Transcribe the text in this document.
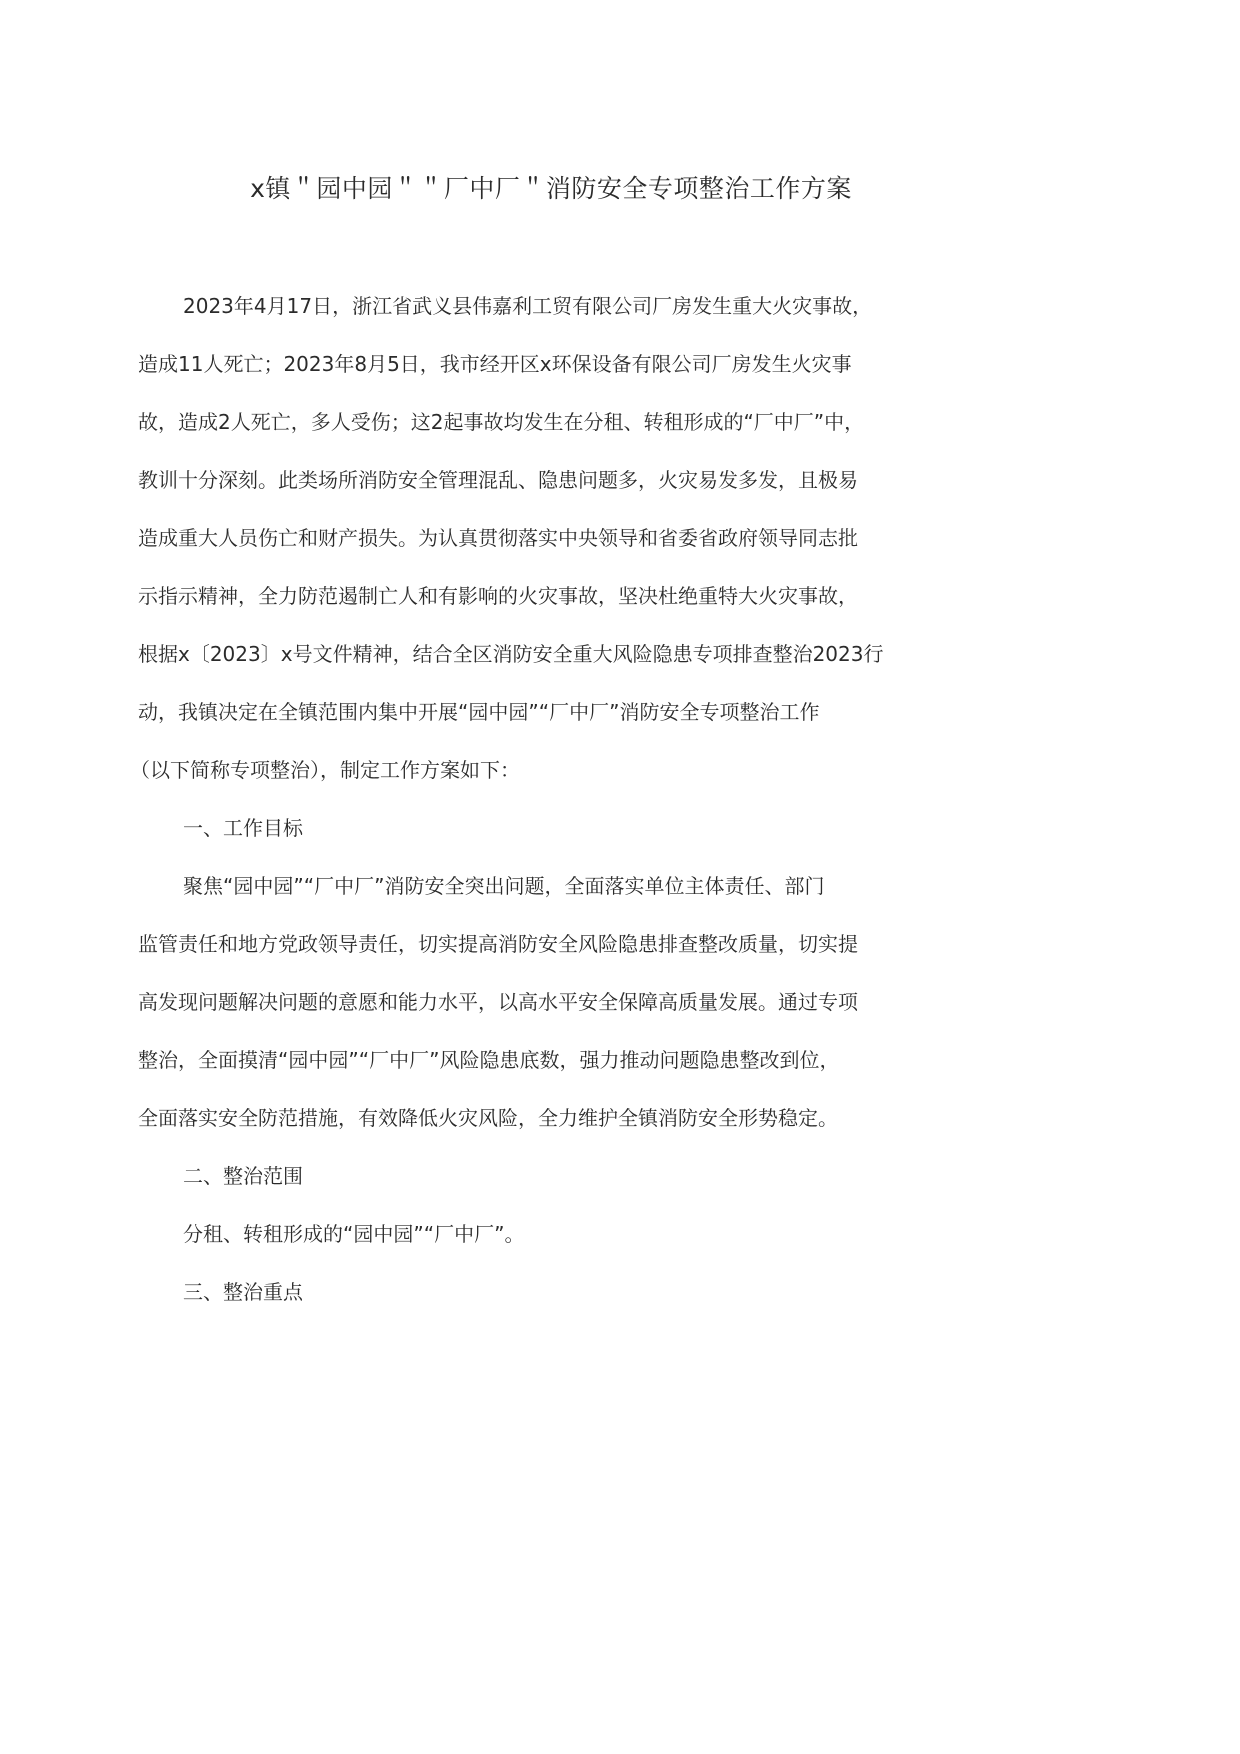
x镇＂园中园＂＂厂中厂＂消防安全专项整治工作方案
2023年4月17日，浙江省武义县伟嘉利工贸有限公司厂房发生重大火灾事故，
造成11人死亡；2023年8月5日，我市经开区x环保设备有限公司厂房发生火灾事
故，造成2人死亡，多人受伤；这2起事故均发生在分租、转租形成的“厂中厂”中，
教训十分深刻。此类场所消防安全管理混乱、隐患问题多，火灾易发多发，且极易
造成重大人员伤亡和财产损失。为认真贯彻落实中央领导和省委省政府领导同志批
示指示精神，全力防范遏制亡人和有影响的火灾事故，坚决杜绝重特大火灾事故，
根据x〔2023〕x号文件精神，结合全区消防安全重大风险隐患专项排查整治2023行
动，我镇决定在全镇范围内集中开展“园中园”“厂中厂”消防安全专项整治工作
（以下简称专项整治），制定工作方案如下：
一、工作目标
聚焦“园中园”“厂中厂”消防安全突出问题，全面落实单位主体责任、部门
监管责任和地方党政领导责任，切实提高消防安全风险隐患排查整改质量，切实提
高发现问题解决问题的意愿和能力水平，以高水平安全保障高质量发展。通过专项
整治，全面摸清“园中园”“厂中厂”风险隐患底数，强力推动问题隐患整改到位，
全面落实安全防范措施，有效降低火灾风险，全力维护全镇消防安全形势稳定。
二、整治范围
分租、转租形成的“园中园”“厂中厂”。
三、整治重点
